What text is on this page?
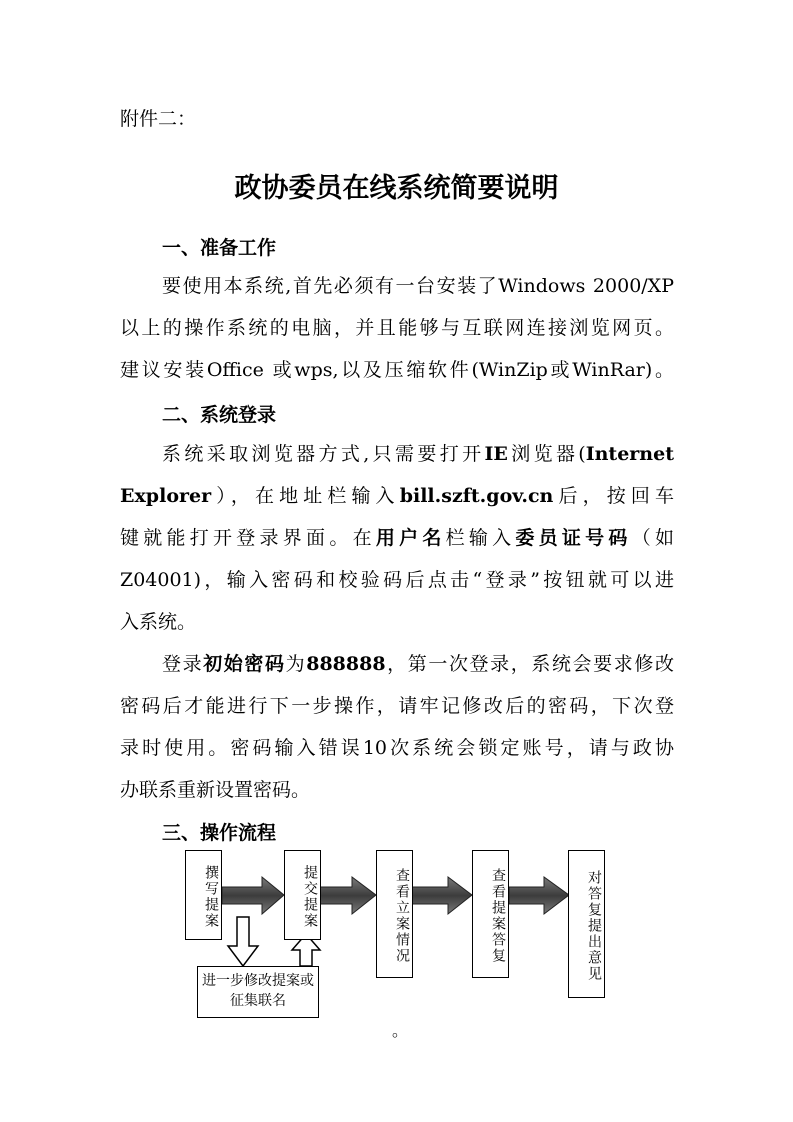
附件二：
政协委员在线系统简要说明
一、准备工作
要使用本系统,首先必须有一台安装了Windows 2000/XP
以上的操作系统的电脑，并且能够与互联网连接浏览网页。
建议安装Office 或wps,以及压缩软件(WinZip或WinRar)。
二、系统登录
系统采取浏览器方式,只需要打开IE浏览器(Internet
Explorer），在地址栏输入bill.szft.gov.cn后，按回车
键就能打开登录界面。在用户名栏输入委员证号码（如
Z04001)，输入密码和校验码后点击“登录”按钮就可以进
入系统。
登录初始密码为888888，第一次登录，系统会要求修改
密码后才能进行下一步操作，请牢记修改后的密码，下次登
录时使用。密码输入错误10次系统会锁定账号，请与政协
办联系重新设置密码。
三、操作流程
撰写提案	提交提案	查看立案情况	查看提案答复	对答复提出意见
进一步修改提案或征集联名
。
